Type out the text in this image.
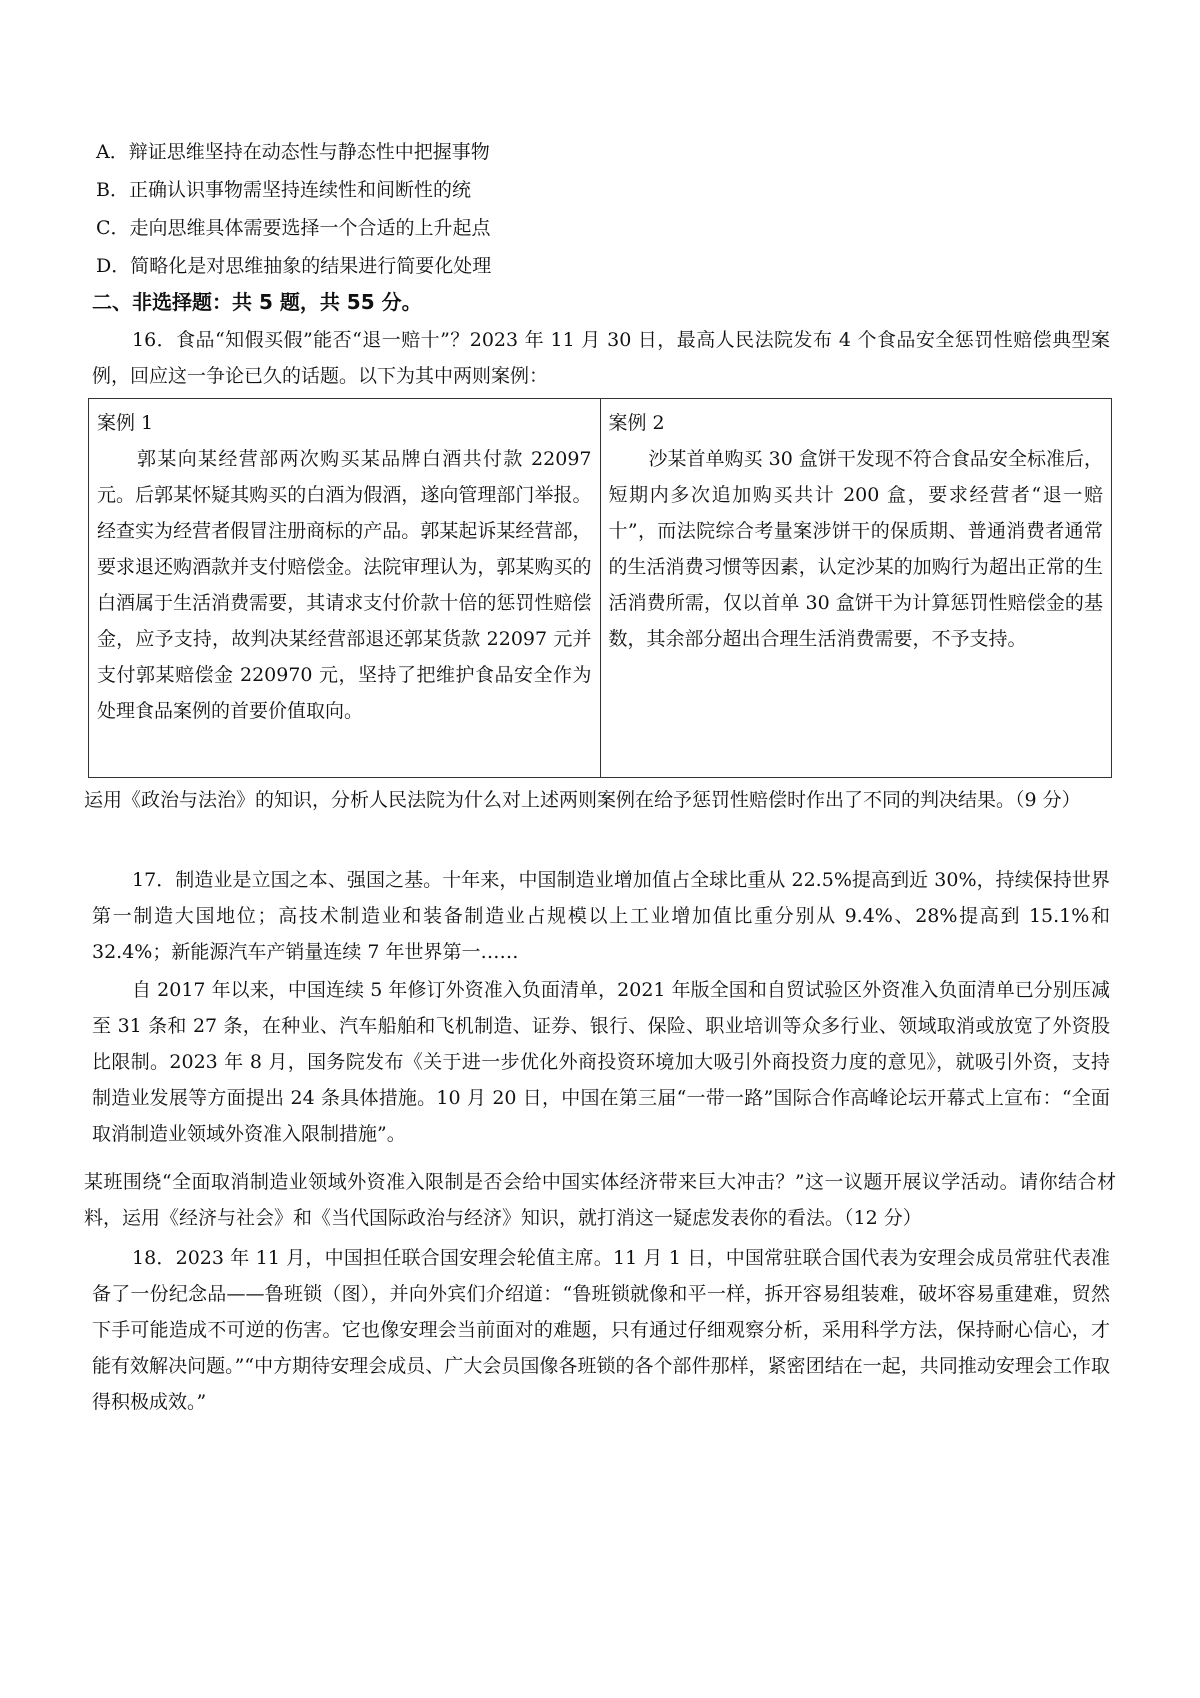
A．辩证思维坚持在动态性与静态性中把握事物
B．正确认识事物需坚持连续性和间断性的统
C．走向思维具体需要选择一个合适的上升起点
D．简略化是对思维抽象的结果进行简要化处理
二、非选择题：共 5 题，共 55 分。
16．食品“知假买假”能否“退一赔十”？2023 年 11 月 30 日，最高人民法院发布 4 个食品安全惩罚性赔偿典型案例，回应这一争论已久的话题。以下为其中两则案例：
案例 1
郭某向某经营部两次购买某品牌白酒共付款 22097 元。后郭某怀疑其购买的白酒为假酒，遂向管理部门举报。经查实为经营者假冒注册商标的产品。郭某起诉某经营部，要求退还购酒款并支付赔偿金。法院审理认为，郭某购买的白酒属于生活消费需要，其请求支付价款十倍的惩罚性赔偿金，应予支持，故判决某经营部退还郭某货款 22097 元并支付郭某赔偿金 220970 元，坚持了把维护食品安全作为处理食品案例的首要价值取向。
案例 2
沙某首单购买 30 盒饼干发现不符合食品安全标准后，短期内多次追加购买共计 200 盒，要求经营者“退一赔十”，而法院综合考量案涉饼干的保质期、普通消费者通常的生活消费习惯等因素，认定沙某的加购行为超出正常的生活消费所需，仅以首单 30 盒饼干为计算惩罚性赔偿金的基数，其余部分超出合理生活消费需要，不予支持。
运用《政治与法治》的知识，分析人民法院为什么对上述两则案例在给予惩罚性赔偿时作出了不同的判决结果。（9 分）
17．制造业是立国之本、强国之基。十年来，中国制造业增加值占全球比重从 22.5%提高到近 30%，持续保持世界第一制造大国地位；高技术制造业和装备制造业占规模以上工业增加值比重分别从 9.4%、28%提高到 15.1%和 32.4%；新能源汽车产销量连续 7 年世界第一……
自 2017 年以来，中国连续 5 年修订外资准入负面清单，2021 年版全国和自贸试验区外资准入负面清单已分别压减至 31 条和 27 条，在种业、汽车船舶和飞机制造、证券、银行、保险、职业培训等众多行业、领域取消或放宽了外资股比限制。2023 年 8 月，国务院发布《关于进一步优化外商投资环境加大吸引外商投资力度的意见》，就吸引外资，支持制造业发展等方面提出 24 条具体措施。10 月 20 日，中国在第三届“一带一路”国际合作高峰论坛开幕式上宣布：“全面取消制造业领域外资准入限制措施”。
某班围绕“全面取消制造业领域外资准入限制是否会给中国实体经济带来巨大冲击？”这一议题开展议学活动。请你结合材料，运用《经济与社会》和《当代国际政治与经济》知识，就打消这一疑虑发表你的看法。（12 分）
18．2023 年 11 月，中国担任联合国安理会轮值主席。11 月 1 日，中国常驻联合国代表为安理会成员常驻代表准备了一份纪念品——鲁班锁（图），并向外宾们介绍道：“鲁班锁就像和平一样，拆开容易组装难，破坏容易重建难，贸然下手可能造成不可逆的伤害。它也像安理会当前面对的难题，只有通过仔细观察分析，采用科学方法，保持耐心信心，才能有效解决问题。”“中方期待安理会成员、广大会员国像各班锁的各个部件那样，紧密团结在一起，共同推动安理会工作取得积极成效。”
